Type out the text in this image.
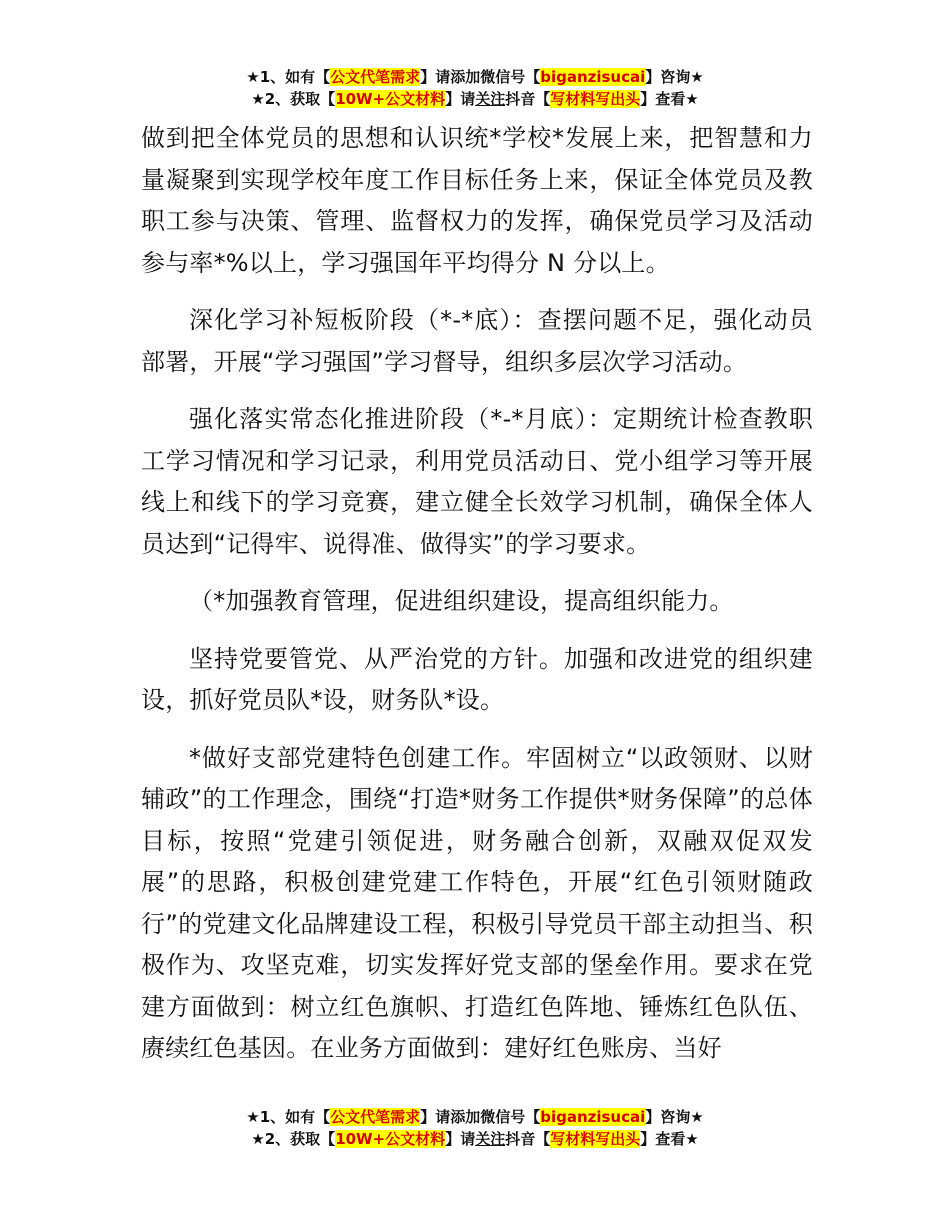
★1、如有【公文代笔需求】请添加微信号【biganzisucai】咨询★
★2、获取【10W+公文材料】请关注抖音【写材料写出头】查看★

做到把全体党员的思想和认识统*学校*发展上来，把智慧和力量凝聚到实现学校年度工作目标任务上来，保证全体党员及教职工参与决策、管理、监督权力的发挥，确保党员学习及活动参与率*%以上，学习强国年平均得分 N 分以上。

深化学习补短板阶段（*-*底）：查摆问题不足，强化动员部署，开展“学习强国”学习督导，组织多层次学习活动。

强化落实常态化推进阶段（*-*月底）：定期统计检查教职工学习情况和学习记录，利用党员活动日、党小组学习等开展线上和线下的学习竞赛，建立健全长效学习机制，确保全体人员达到“记得牢、说得准、做得实”的学习要求。

（*加强教育管理，促进组织建设，提高组织能力。

坚持党要管党、从严治党的方针。加强和改进党的组织建设，抓好党员队*设，财务队*设。

*做好支部党建特色创建工作。牢固树立“以政领财、以财辅政”的工作理念，围绕“打造*财务工作提供*财务保障”的总体目标，按照“党建引领促进，财务融合创新，双融双促双发展”的思路，积极创建党建工作特色，开展“红色引领财随政行”的党建文化品牌建设工程，积极引导党员干部主动担当、积极作为、攻坚克难，切实发挥好党支部的堡垒作用。要求在党建方面做到：树立红色旗帜、打造红色阵地、锤炼红色队伍、赓续红色基因。在业务方面做到：建好红色账房、当好

★1、如有【公文代笔需求】请添加微信号【biganzisucai】咨询★
★2、获取【10W+公文材料】请关注抖音【写材料写出头】查看★
